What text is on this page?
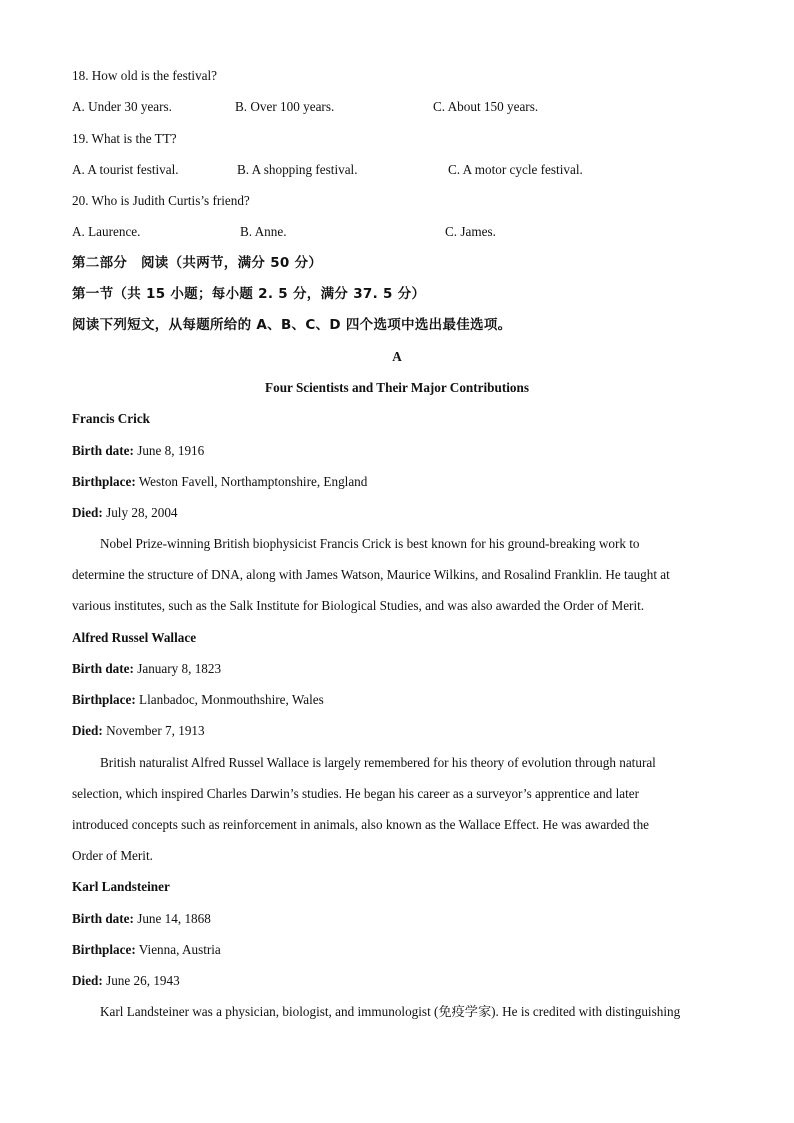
18. How old is the festival?
A. Under 30 years.	B. Over 100 years.	C. About 150 years.
19. What is the TT?
A. A tourist festival.	B. A shopping festival.	C. A motor cycle festival.
20. Who is Judith Curtis’s friend?
A. Laurence.	B. Anne.	C. James.
第二部分　阅读（共两节，满分 50 分）
第一节（共 15 小题；每小题 2. 5 分，满分 37. 5 分）
阅读下列短文，从每题所给的 A、B、C、D 四个选项中选出最佳选项。
A
Four Scientists and Their Major Contributions
Francis Crick
Birth date: June 8, 1916
Birthplace: Weston Favell, Northamptonshire, England
Died: July 28, 2004
Nobel Prize-winning British biophysicist Francis Crick is best known for his ground-breaking work to
determine the structure of DNA, along with James Watson, Maurice Wilkins, and Rosalind Franklin. He taught at
various institutes, such as the Salk Institute for Biological Studies, and was also awarded the Order of Merit.
Alfred Russel Wallace
Birth date: January 8, 1823
Birthplace: Llanbadoc, Monmouthshire, Wales
Died: November 7, 1913
British naturalist Alfred Russel Wallace is largely remembered for his theory of evolution through natural
selection, which inspired Charles Darwin’s studies. He began his career as a surveyor’s apprentice and later
introduced concepts such as reinforcement in animals, also known as the Wallace Effect. He was awarded the
Order of Merit.
Karl Landsteiner
Birth date: June 14, 1868
Birthplace: Vienna, Austria
Died: June 26, 1943
Karl Landsteiner was a physician, biologist, and immunologist (免疫学家). He is credited with distinguishing
